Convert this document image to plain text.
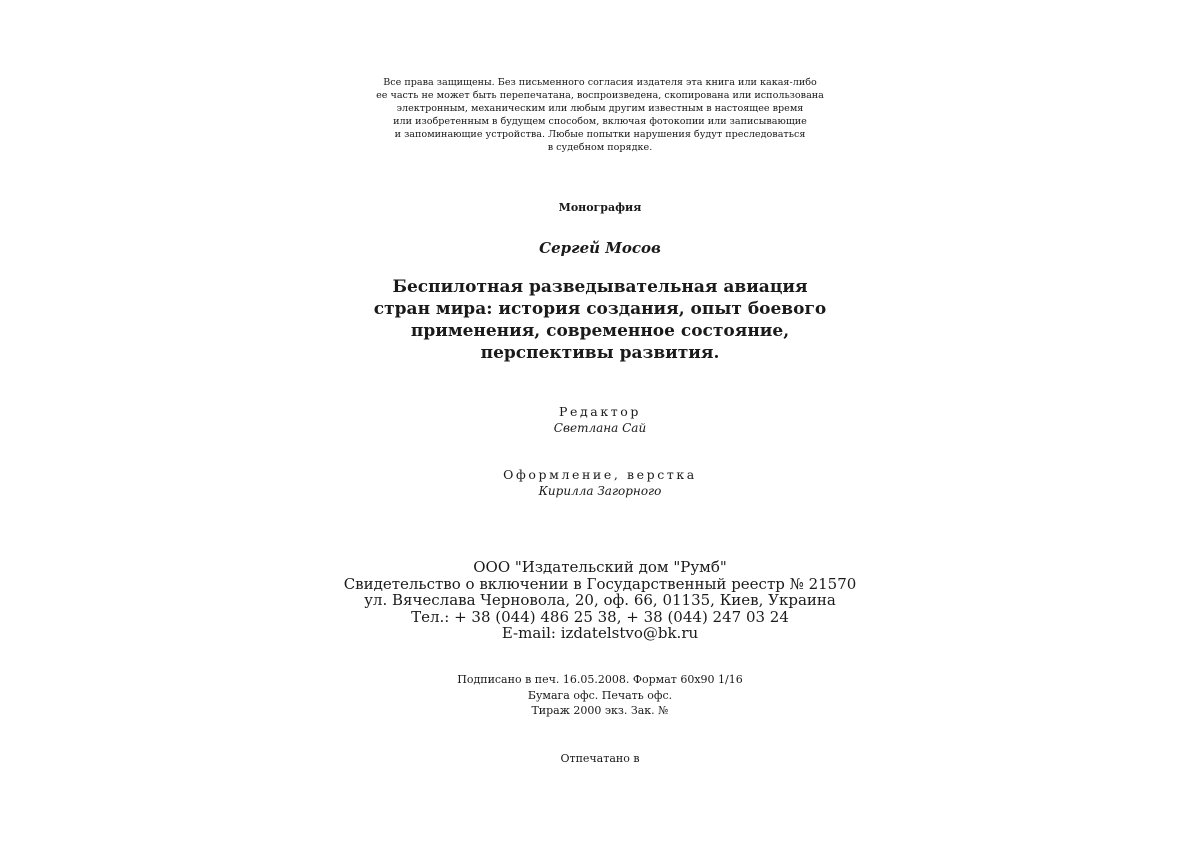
Все права защищены. Без письменного согласия издателя эта книга или какая-либо
ее часть не может быть перепечатана, воспроизведена, скопирована или использована
электронным, механическим или любым другим известным в настоящее время
или изобретенным в будущем способом, включая фотокопии или записывающие
и запоминающие устройства. Любые попытки нарушения будут преследоваться
в судебном порядке.
Монография
Сергей Мосов
Беспилотная разведывательная авиация
стран мира: история создания, опыт боевого
применения, современное состояние,
перспективы развития.
Редактор
Светлана Сай
Оформление, верстка
Кирилла Загорного
ООО "Издательский дом "Румб"
Свидетельство о включении в Государственный реестр № 21570
ул. Вячеслава Черновола, 20, оф. 66, 01135, Киев, Украина
Тел.: + 38 (044) 486 25 38, + 38 (044) 247 03 24
E-mail: izdatelstvo@bk.ru
Подписано в печ. 16.05.2008. Формат 60х90 1/16
Бумага офс. Печать офс.
Тираж 2000 экз. Зак. №
Отпечатано в
